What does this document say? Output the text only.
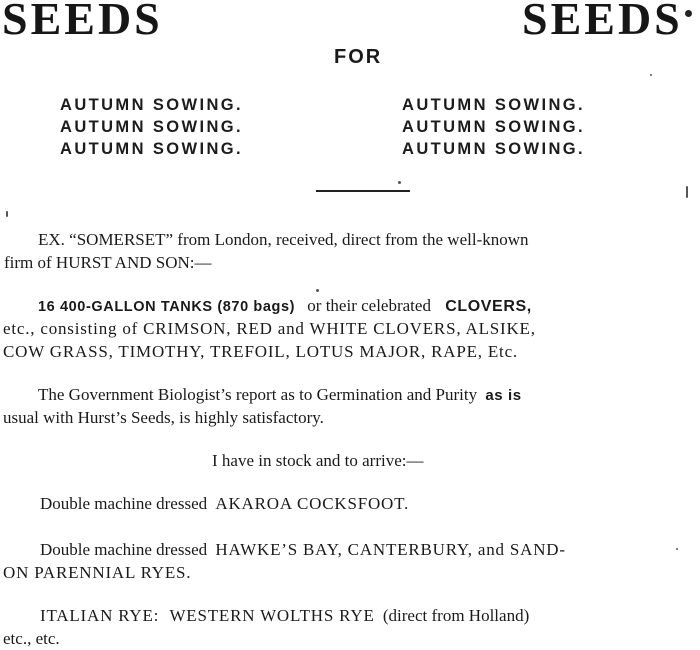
SEEDS	SEEDS
FOR
AUTUMN SOWING.
AUTUMN SOWING.
AUTUMN SOWING.
AUTUMN SOWING.
AUTUMN SOWING.
AUTUMN SOWING.
EX. “SOMERSET” from London, received, direct from the well-known
firm of HURST AND SON:—
16 400-GALLON TANKS (870 bags) or their celebrated CLOVERS,
etc., consisting of CRIMSON, RED and WHITE CLOVERS, ALSIKE,
COW GRASS, TIMOTHY, TREFOIL, LOTUS MAJOR, RAPE, Etc.
The Government Biologist’s report as to Germination and Purity as is
usual with Hurst’s Seeds, is highly satisfactory.
I have in stock and to arrive:—
Double machine dressed AKAROA COCKSFOOT.
Double machine dressed HAWKE’S BAY, CANTERBURY, and SAND-
ON PARENNIAL RYES.
ITALIAN RYE: WESTERN WOLTHS RYE (direct from Holland)
etc., etc.
